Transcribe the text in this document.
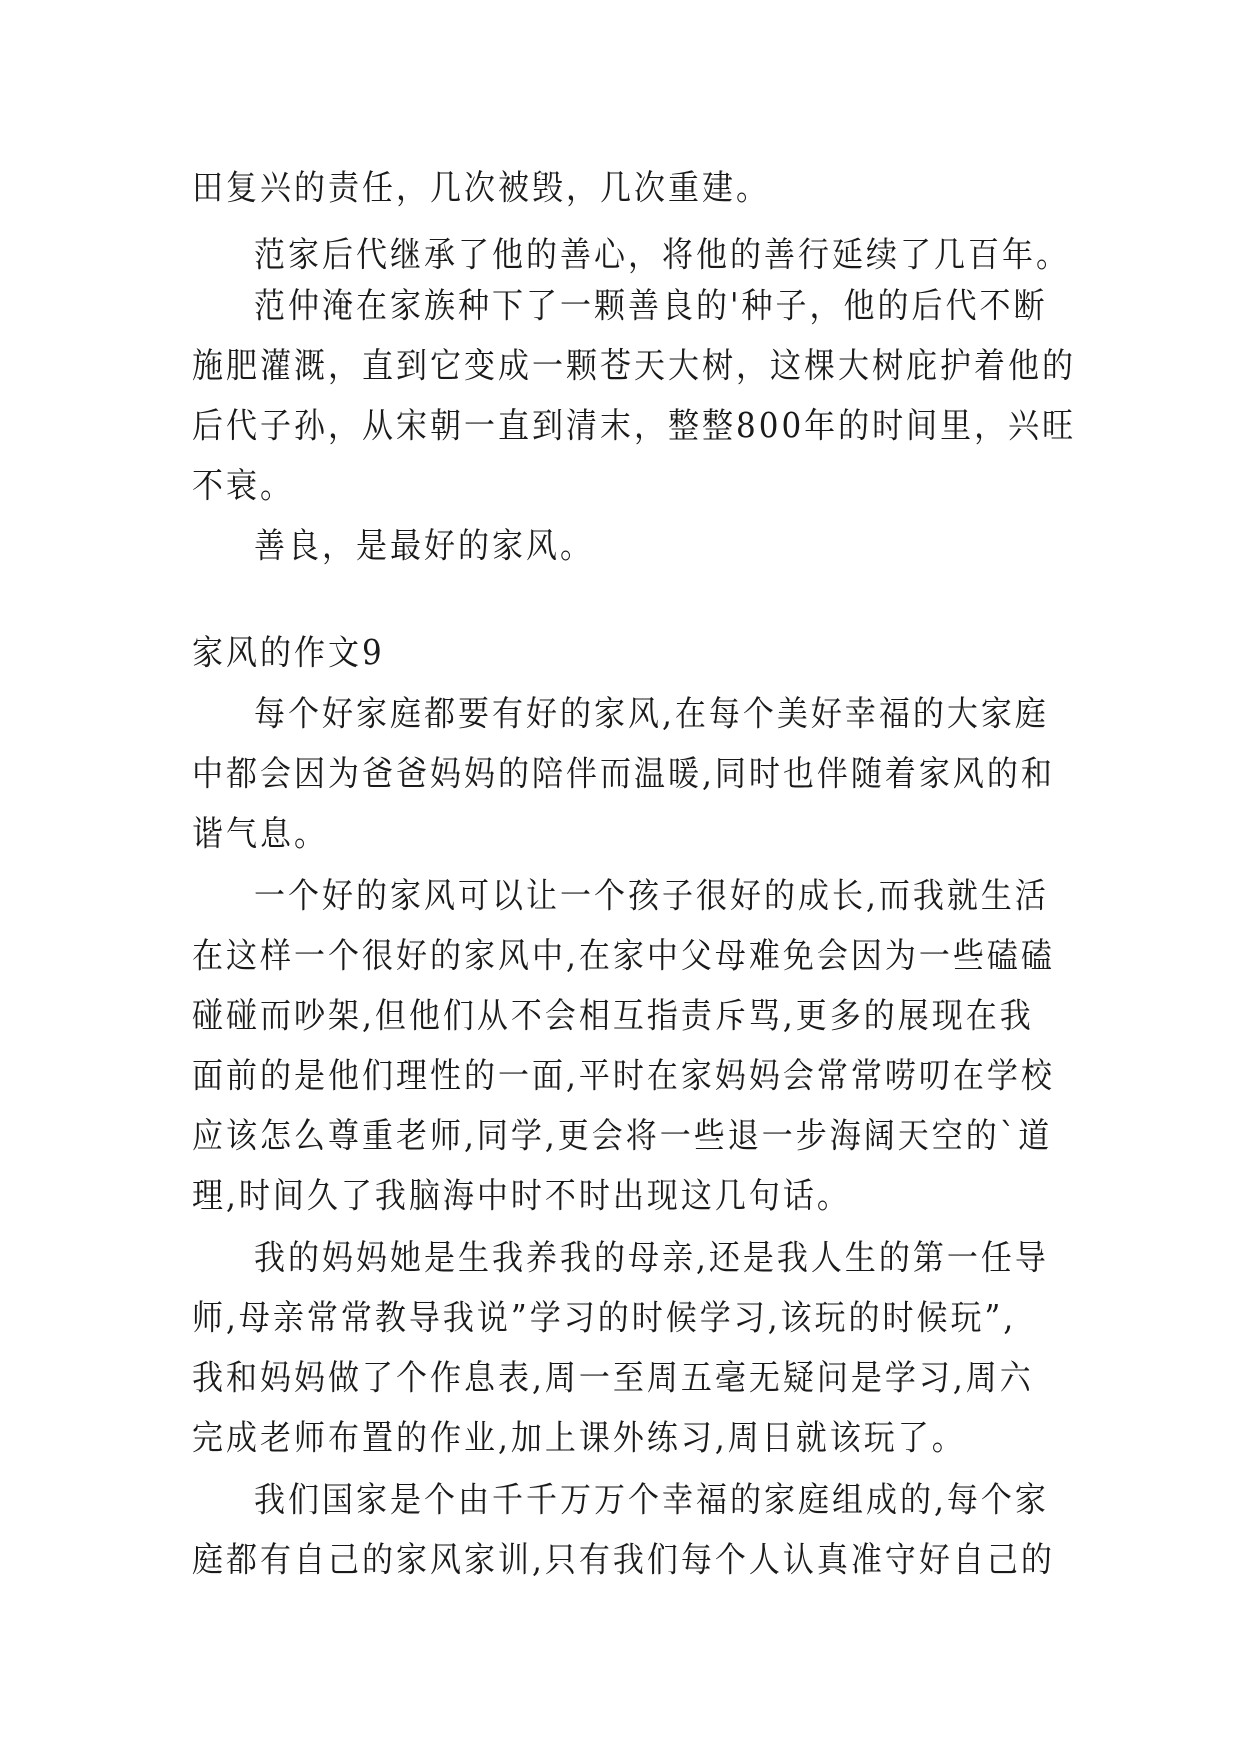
田复兴的责任，几次被毁，几次重建。
范家后代继承了他的善心，将他的善行延续了几百年。
范仲淹在家族种下了一颗善良的'种子，他的后代不断
施肥灌溉，直到它变成一颗苍天大树，这棵大树庇护着他的
后代子孙，从宋朝一直到清末，整整800年的时间里，兴旺
不衰。
善良，是最好的家风。
家风的作文9
每个好家庭都要有好的家风,在每个美好幸福的大家庭
中都会因为爸爸妈妈的陪伴而温暖,同时也伴随着家风的和
谐气息。
一个好的家风可以让一个孩子很好的成长,而我就生活
在这样一个很好的家风中,在家中父母难免会因为一些磕磕
碰碰而吵架,但他们从不会相互指责斥骂,更多的展现在我
面前的是他们理性的一面,平时在家妈妈会常常唠叨在学校
应该怎么尊重老师,同学,更会将一些退一步海阔天空的`道
理,时间久了我脑海中时不时出现这几句话。
我的妈妈她是生我养我的母亲,还是我人生的第一任导
师,母亲常常教导我说”学习的时候学习,该玩的时候玩”,
我和妈妈做了个作息表,周一至周五毫无疑问是学习,周六
完成老师布置的作业,加上课外练习,周日就该玩了。
我们国家是个由千千万万个幸福的家庭组成的,每个家
庭都有自己的家风家训,只有我们每个人认真准守好自己的
